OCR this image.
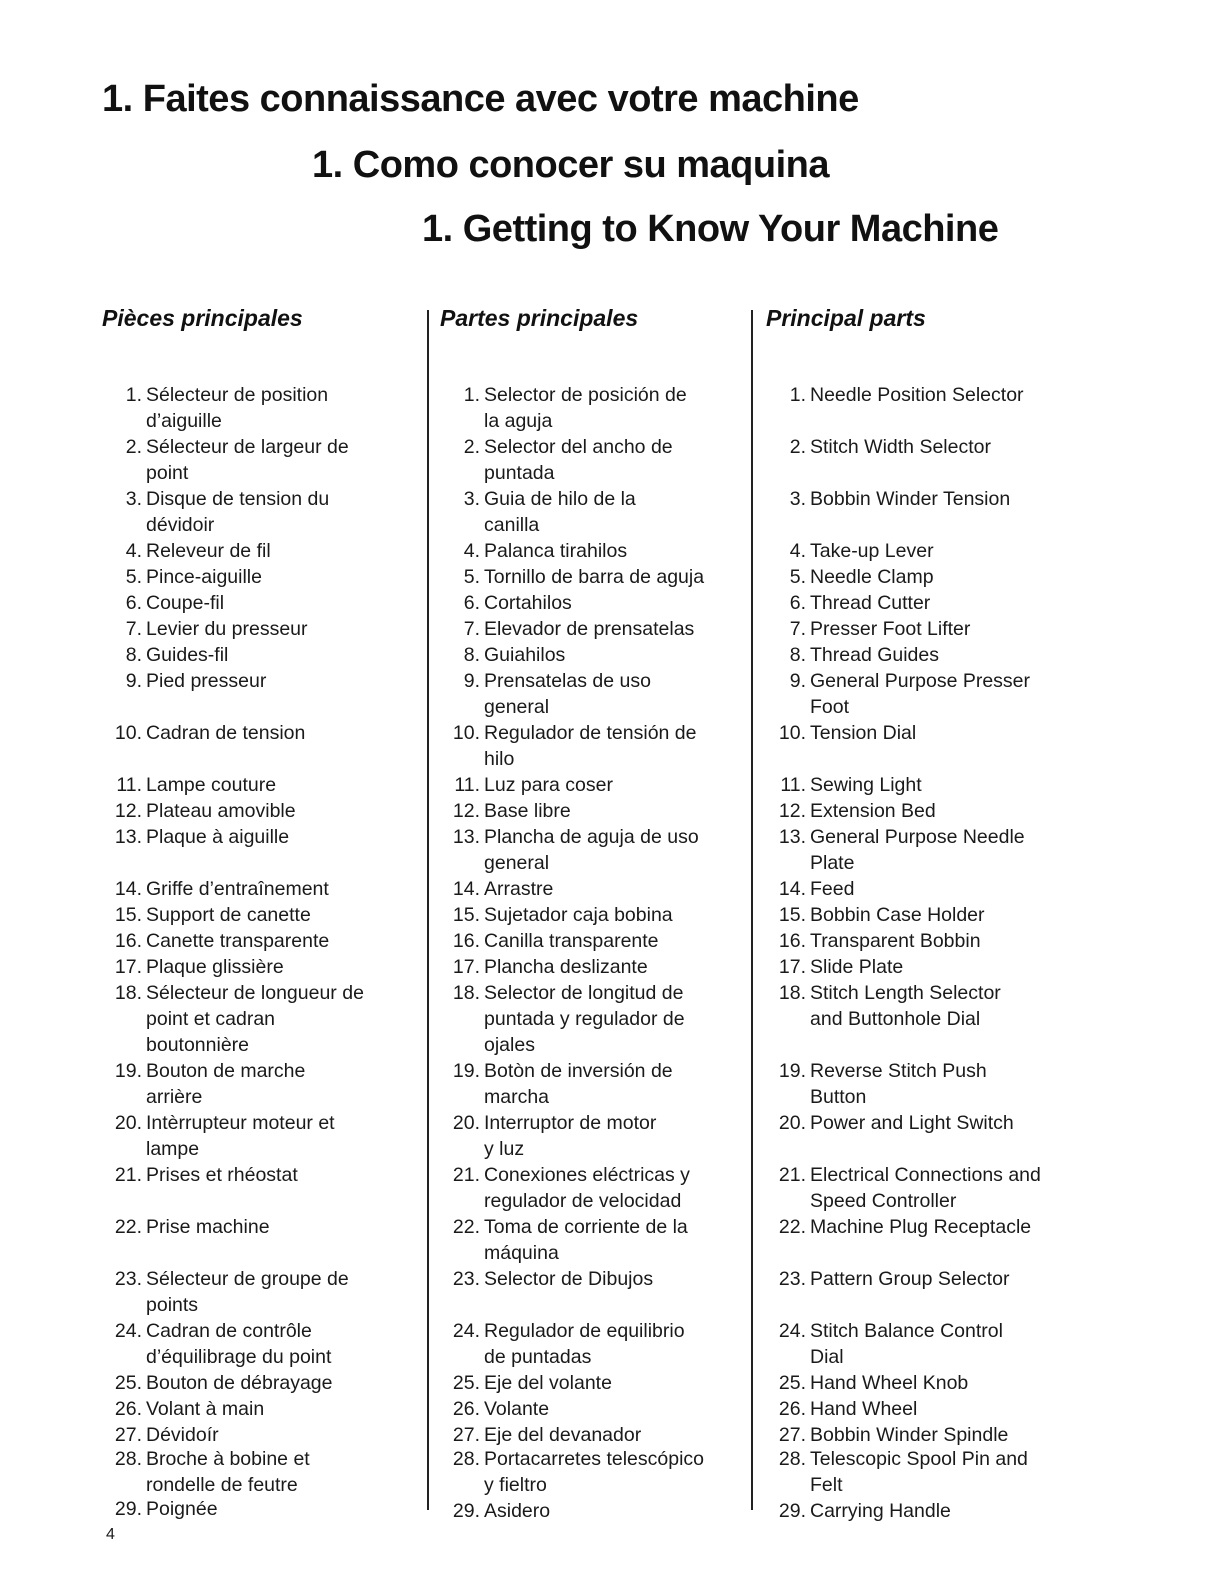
1. Faites connaissance avec votre machine
1. Como conocer su maquina
1. Getting to Know Your Machine
Pièces principales
1. Sélecteur de position
d’aiguille
2. Sélecteur de largeur de
point
3. Disque de tension du
dévidoir
4. Releveur de fil
5. Pince-aiguille
6. Coupe-fil
7. Levier du presseur
8. Guides-fil
9. Pied presseur
10. Cadran de tension
11. Lampe couture
12. Plateau amovible
13. Plaque à aiguille
14. Griffe d’entraînement
15. Support de canette
16. Canette transparente
17. Plaque glissière
18. Sélecteur de longueur de
point et cadran
boutonnière
19. Bouton de marche
arrière
20. Intèrrupteur moteur et
lampe
21. Prises et rhéostat
22. Prise machine
23. Sélecteur de groupe de
points
24. Cadran de contrôle
d’équilibrage du point
25. Bouton de débrayage
26. Volant à main
27. Dévidoír
28. Broche à bobine et
rondelle de feutre
29. Poignée
Partes principales
1. Selector de posición de
la aguja
2. Selector del ancho de
puntada
3. Guia de hilo de la
canilla
4. Palanca tirahilos
5. Tornillo de barra de aguja
6. Cortahilos
7. Elevador de prensatelas
8. Guiahilos
9. Prensatelas de uso
general
10. Regulador de tensión de
hilo
11. Luz para coser
12. Base libre
13. Plancha de aguja de uso
general
14. Arrastre
15. Sujetador caja bobina
16. Canilla transparente
17. Plancha deslizante
18. Selector de longitud de
puntada y regulador de
ojales
19. Botòn de inversión de
marcha
20. Interruptor de motor
y luz
21. Conexiones eléctricas y
regulador de velocidad
22. Toma de corriente de la
máquina
23. Selector de Dibujos
24. Regulador de equilibrio
de puntadas
25. Eje del volante
26. Volante
27. Eje del devanador
28. Portacarretes telescópico
y fieltro
29. Asidero
Principal parts
1. Needle Position Selector
2. Stitch Width Selector
3. Bobbin Winder Tension
4. Take-up Lever
5. Needle Clamp
6. Thread Cutter
7. Presser Foot Lifter
8. Thread Guides
9. General Purpose Presser
Foot
10. Tension Dial
11. Sewing Light
12. Extension Bed
13. General Purpose Needle
Plate
14. Feed
15. Bobbin Case Holder
16. Transparent Bobbin
17. Slide Plate
18. Stitch Length Selector
and Buttonhole Dial
19. Reverse Stitch Push
Button
20. Power and Light Switch
21. Electrical Connections and
Speed Controller
22. Machine Plug Receptacle
23. Pattern Group Selector
24. Stitch Balance Control
Dial
25. Hand Wheel Knob
26. Hand Wheel
27. Bobbin Winder Spindle
28. Telescopic Spool Pin and
Felt
29. Carrying Handle

4
